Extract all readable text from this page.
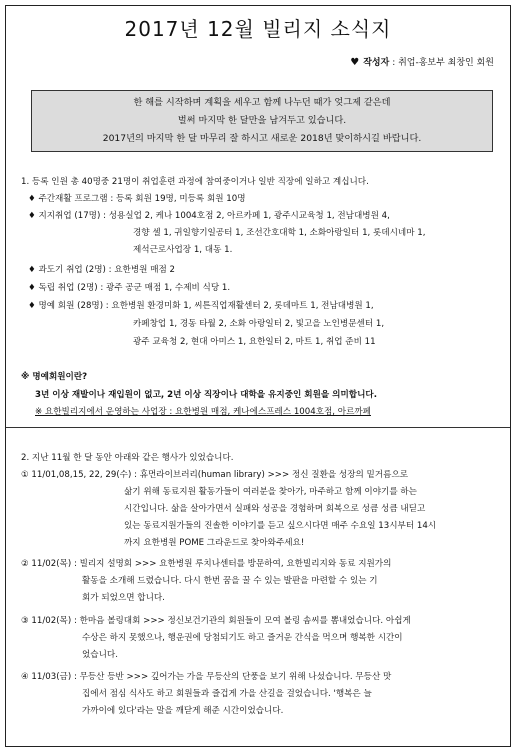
2017년 12월 빌리지 소식지
♥ 작성자 : 취업-홍보부 최창인 회원
한 해를 시작하며 계획을 세우고 함께 나누던 때가 엊그제 같은데
벌써 마지막 한 달만을 남겨두고 있습니다.
2017년의 마지막 한 달 마무리 잘 하시고 새로운 2018년 맞이하시길 바랍니다.
1. 등록 인원 총 40명중 21명이 취업훈련 과정에 참여중이거나 일반 직장에 일하고 계십니다.
♦ 주간재활 프로그램 : 등록 회원 19명, 미등록 회원 10명
♦ 지지취업 (17명) : 성용실업 2, 케나 1004호점 2, 아르카페 1, 광주시교육청 1, 전남대병원 4,
경향 셀 1, 귀일향기일공터 1, 조선간호대학 1, 소화아랑일터 1, 롯데시네마 1,
제석근로사업장 1, 대동 1.
♦ 과도기 취업 (2명) : 요한병원 매점 2
♦ 독립 취업 (2명) : 광주 공군 매점 1, 수제비 식당 1.
♦ 명예 회원 (28명) : 요한병원 환경미화 1, 씨튼직업재활센터 2, 롯데마트 1, 전남대병원 1,
카페창업 1, 경동 타월 2, 소화 아랑일터 2, 빛고을 노인병문센터 1,
광주 교육청 2, 현대 아미스 1, 요한일터 2, 마트 1, 취업 준비 11
※ 명예회원이란?
3년 이상 재발이나 재입원이 없고, 2년 이상 직장이나 대학을 유지중인 회원을 의미합니다.
※ 요한빌리지에서 운영하는 사업장 : 요한병원 매점, 케나에스프레스 1004호점, 아르까페
2. 지난 11월 한 달 동안 아래와 같은 행사가 있었습니다.
① 11/01,08,15, 22, 29(수) : 휴먼라이브러리(human library) >>> 정신 질환을 성장의 밑거름으로
삶기 위해 동료지원 활동가들이 여러분을 찾아가, 마주하고 함께 이야기를 하는
시간입니다. 삶을 살아가면서 실패와 성공을 경험하며 회복으로 성큼 성큼 내딛고
있는 동료지원가들의 진솔한 이야기를 듣고 싶으시다면 매주 수요일 13시부터 14시
까지 요한병원 POME 그라운드로 찾아와주세요!
② 11/02(목) : 빌리지 설명회 >>> 요한병원 루치나센터를 방문하여, 요한빌리지와 동료 지원가의
활동을 소개해 드렸습니다. 다시 한번 꿈을 꿀 수 있는 발판을 마련할 수 있는 기
회가 되었으면 합니다.
③ 11/02(목) : 한마음 볼링대회 >>> 정신보건기관의 회원들이 모여 볼링 솜씨를 뽐내었습니다. 아쉽게
수상은 하지 못했으나, 행운권에 당첨되기도 하고 즐거운 간식을 먹으며 행복한 시간이
었습니다.
④ 11/03(금) : 무등산 등반 >>> 깊어가는 가을 무등산의 단풍을 보기 위해 나섰습니다. 무등산 맛
집에서 점심 식사도 하고 회원들과 즐겁게 가을 산길을 걸었습니다. '행복은 늘
가까이에 있다'라는 말을 깨닫게 해준 시간이었습니다.
